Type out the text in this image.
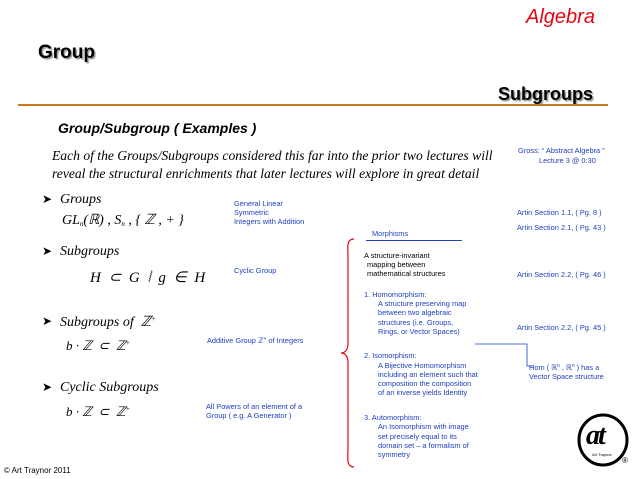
Algebra
Group
Subgroups
Group/Subgroup ( Examples )
Each of the Groups/Subgroups considered this far into the prior two lectures will
reveal the structural enrichments that later lectures will explore in great detail
➤ Groups
$GL_n(ℝ)$ , $S_n$ , { ℤ , + }
➤ Subgroups
H ⊂ G ⦚ g ∈ H
➤ Subgroups of  ℤ+
b · ℤ  ⊂  ℤ+
➤ Cyclic Subgroups
b · ℤ  ⊂  ℤ+
General Linear
Symmetric
Integers with Addition
Cyclic Group
Additive Group ℤ+ of Integers
All Powers of an element of a
Group ( e.g. A Generator )
Morphisms
A structure-invariant
mapping between
mathematical structures
1. Homomorphism:
A structure preserving map
between two algebraic
structures (i.e. Groups,
Rings, or Vector Spaces)
2. Isomorphism:
A Bijective Homomorphism
including an element such that
composition the composition
of an inverse yields Identity
3. Automorphism:
An Isomorphism with image
set precisely equal to its
domain set – a formalism of
symmetry
Gross: “ Abstract Algebra ”
Lecture 3 @ 0:30
Artin Section 1.1, ( Pg. 8 )
Artin Section 2.1, ( Pg. 43 )
Artin Section 2.2, ( Pg. 46 )
Artin Section 2.2, ( Pg. 45 )
Hom ( ℝ$^n$ , ℝ$^n$ ) has a
Vector Space structure
© Art Traynor 2011
at
Art Traynor
®
